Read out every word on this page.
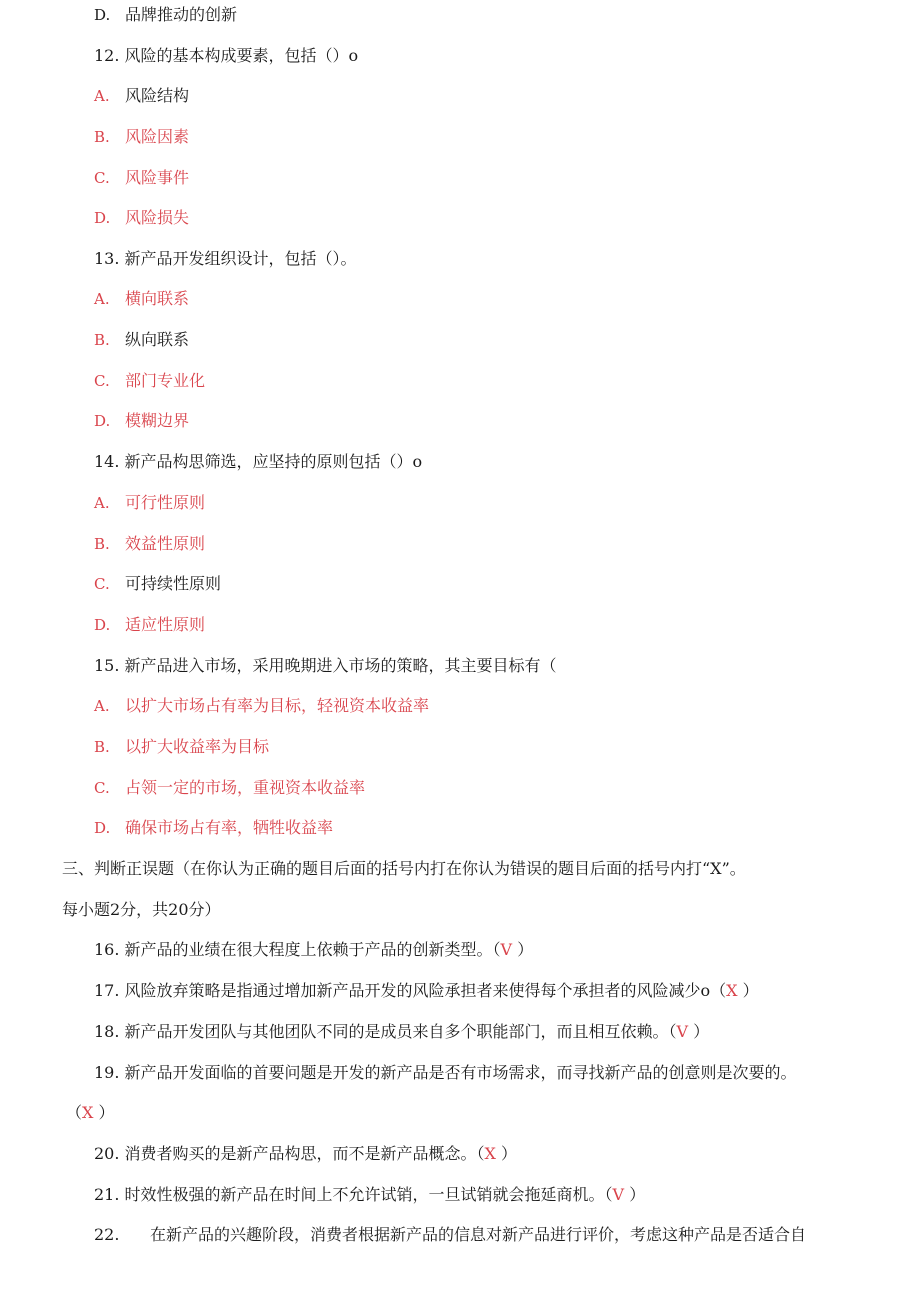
D. 品牌推动的创新
12. 风险的基本构成要素，包括（）o
A. 风险结构
B. 风险因素
C. 风险事件
D. 风险损失
13. 新产品开发组织设计，包括（）。
A. 横向联系
B. 纵向联系
C. 部门专业化
D. 模糊边界
14. 新产品构思筛选，应坚持的原则包括（）o
A. 可行性原则
B. 效益性原则
C. 可持续性原则
D. 适应性原则
15. 新产品进入市场，采用晚期进入市场的策略，其主要目标有（
A. 以扩大市场占有率为目标，轻视资本收益率
B. 以扩大收益率为目标
C. 占领一定的市场，重视资本收益率
D. 确保市场占有率，牺牲收益率
三、判断正误题（在你认为正确的题目后面的括号内打在你认为错误的题目后面的括号内打“X”。
每小题2分，共20分）
16. 新产品的业绩在很大程度上依赖于产品的创新类型。（V ）
17. 风险放弃策略是指通过增加新产品开发的风险承担者来使得每个承担者的风险减少o（X ）
18. 新产品开发团队与其他团队不同的是成员来自多个职能部门，而且相互依赖。（V ）
19. 新产品开发面临的首要问题是开发的新产品是否有市场需求，而寻找新产品的创意则是次要的。
（X ）
20. 消费者购买的是新产品构思，而不是新产品概念。（X ）
21. 时效性极强的新产品在时间上不允许试销，一旦试销就会拖延商机。（V ）
22. 在新产品的兴趣阶段，消费者根据新产品的信息对新产品进行评价，考虑这种产品是否适合自
